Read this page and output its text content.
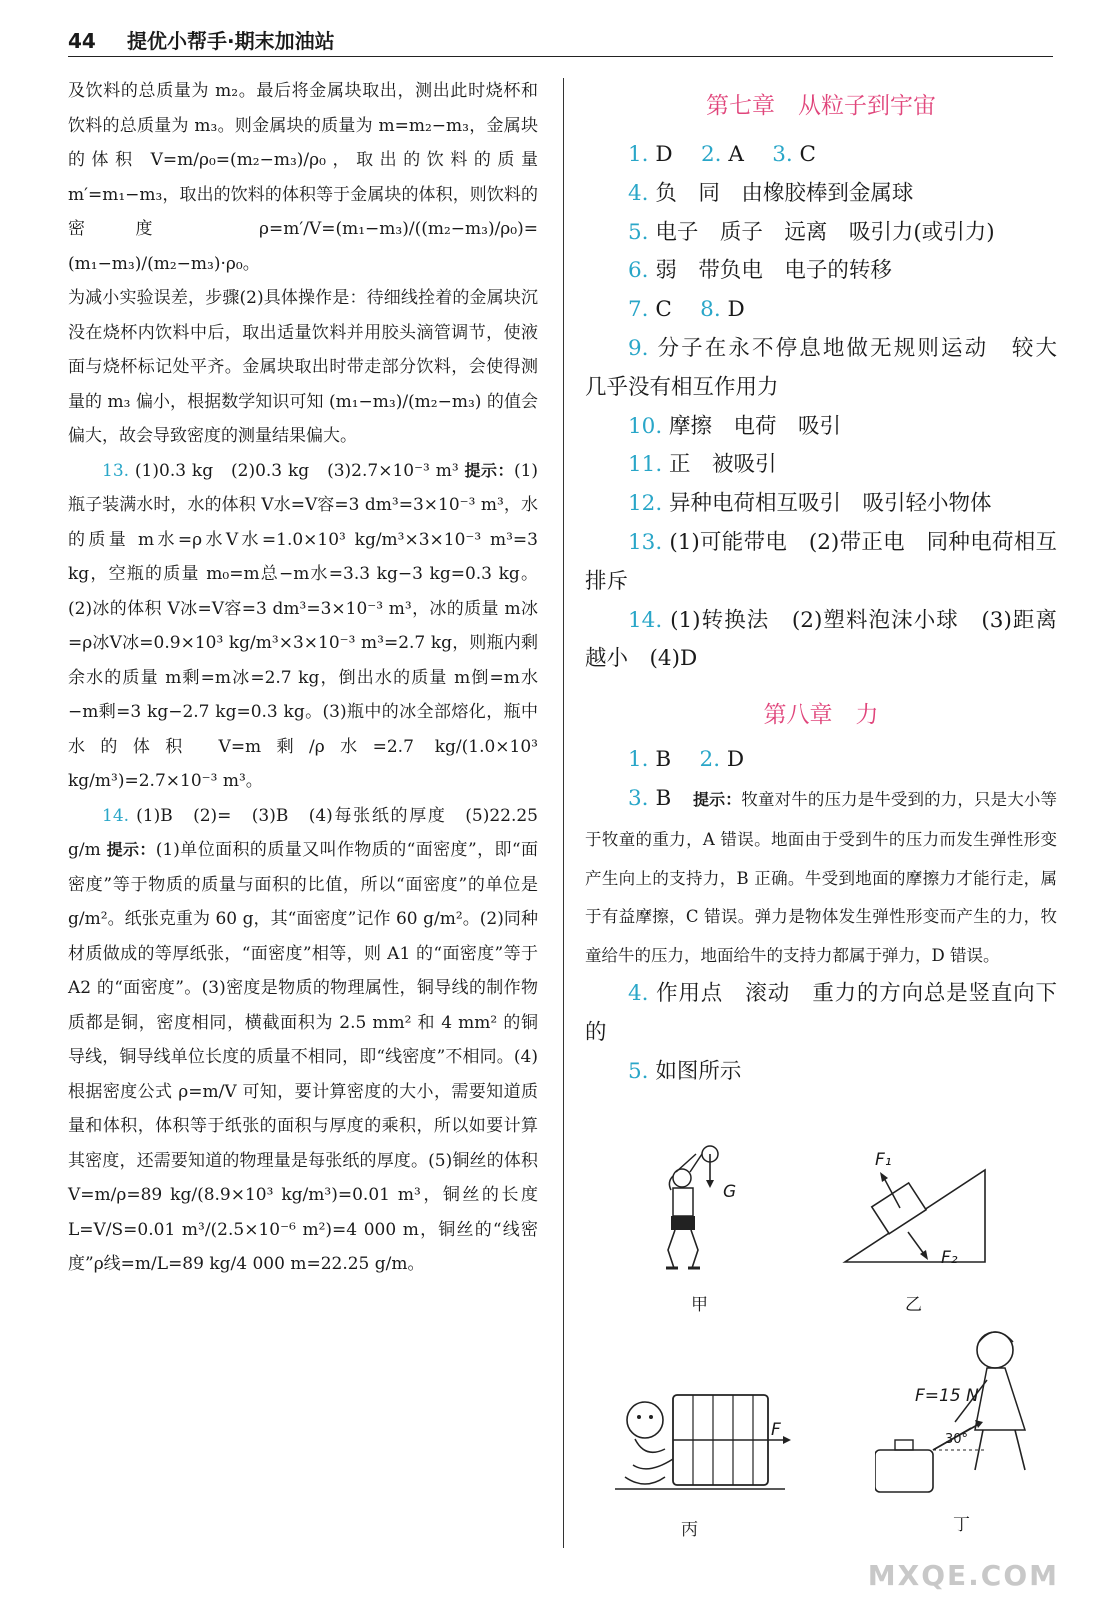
44 提优小帮手·期末加油站

及饮料的总质量为 m₂。最后将金属块取出，测出此时烧杯和饮料的总质量为 m₃。则金属块的质量为 m=m₂−m₃，金属块的体积 V=m/ρ₀=(m₂−m₃)/ρ₀，取出的饮料的质量 m′=m₁−m₃，取出的饮料的体积等于金属块的体积，则饮料的密度 ρ=m′/V=(m₁−m₃)/((m₂−m₃)/ρ₀)=(m₁−m₃)/(m₂−m₃)·ρ₀。

为减小实验误差，步骤(2)具体操作是：待细线拴着的金属块沉没在烧杯内饮料中后，取出适量饮料并用胶头滴管调节，使液面与烧杯标记处平齐。金属块取出时带走部分饮料，会使得测量的 m₃ 偏小，根据数学知识可知 (m₁−m₃)/(m₂−m₃) 的值会偏大，故会导致密度的测量结果偏大。

13. (1)0.3 kg　(2)0.3 kg　(3)2.7×10⁻³ m³ 提示：(1)瓶子装满水时，水的体积 V水=V容=3 dm³=3×10⁻³ m³，水的质量 m水=ρ水V水=1.0×10³ kg/m³×3×10⁻³ m³=3 kg，空瓶的质量 m₀=m总−m水=3.3 kg−3 kg=0.3 kg。(2)冰的体积 V冰=V容=3 dm³=3×10⁻³ m³，冰的质量 m冰=ρ冰V冰=0.9×10³ kg/m³×3×10⁻³ m³=2.7 kg，则瓶内剩余水的质量 m剩=m冰=2.7 kg，倒出水的质量 m倒=m水−m剩=3 kg−2.7 kg=0.3 kg。(3)瓶中的冰全部熔化，瓶中水的体积 V=m剩/ρ水=2.7 kg/(1.0×10³ kg/m³)=2.7×10⁻³ m³。

14. (1)B　(2)=　(3)B　(4)每张纸的厚度　(5)22.25 g/m 提示：(1)单位面积的质量又叫作物质的“面密度”，即“面密度”等于物质的质量与面积的比值，所以“面密度”的单位是 g/m²。纸张克重为 60 g，其“面密度”记作 60 g/m²。(2)同种材质做成的等厚纸张，“面密度”相等，则 A1 的“面密度”等于 A2 的“面密度”。(3)密度是物质的物理属性，铜导线的制作物质都是铜，密度相同，横截面积为 2.5 mm² 和 4 mm² 的铜导线，铜导线单位长度的质量不相同，即“线密度”不相同。(4)根据密度公式 ρ=m/V 可知，要计算密度的大小，需要知道质量和体积，体积等于纸张的面积与厚度的乘积，所以如要计算其密度，还需要知道的物理量是每张纸的厚度。(5)铜丝的体积 V=m/ρ=89 kg/(8.9×10³ kg/m³)=0.01 m³，铜丝的长度 L=V/S=0.01 m³/(2.5×10⁻⁶ m²)=4 000 m，铜丝的“线密度”ρ线=m/L=89 kg/4 000 m=22.25 g/m。

第七章　从粒子到宇宙

1. D　 2. A　 3. C

4. 负　同　由橡胶棒到金属球

5. 电子　质子　远离　吸引力(或引力)

6. 弱　带负电　电子的转移

7. C　 8. D

9. 分子在永不停息地做无规则运动　较大　几乎没有相互作用力

10. 摩擦　电荷　吸引

11. 正　被吸引

12. 异种电荷相互吸引　吸引轻小物体

13. (1)可能带电　(2)带正电　同种电荷相互排斥

14. (1)转换法　(2)塑料泡沫小球　(3)距离越小　(4)D

第八章　力

1. B　 2. D

3. B　提示：牧童对牛的压力是牛受到的力，只是大小等于牧童的重力，A 错误。地面由于受到牛的压力而发生弹性形变产生向上的支持力，B 正确。牛受到地面的摩擦力才能行走，属于有益摩擦，C 错误。弹力是物体发生弹性形变而产生的力，牧童给牛的压力，地面给牛的支持力都属于弹力，D 错误。

4. 作用点　滚动　重力的方向总是竖直向下的

5. 如图所示

G
甲
F₁
F₂
乙
F
丙
F=15 N
30°
丁
MXQE.COM
